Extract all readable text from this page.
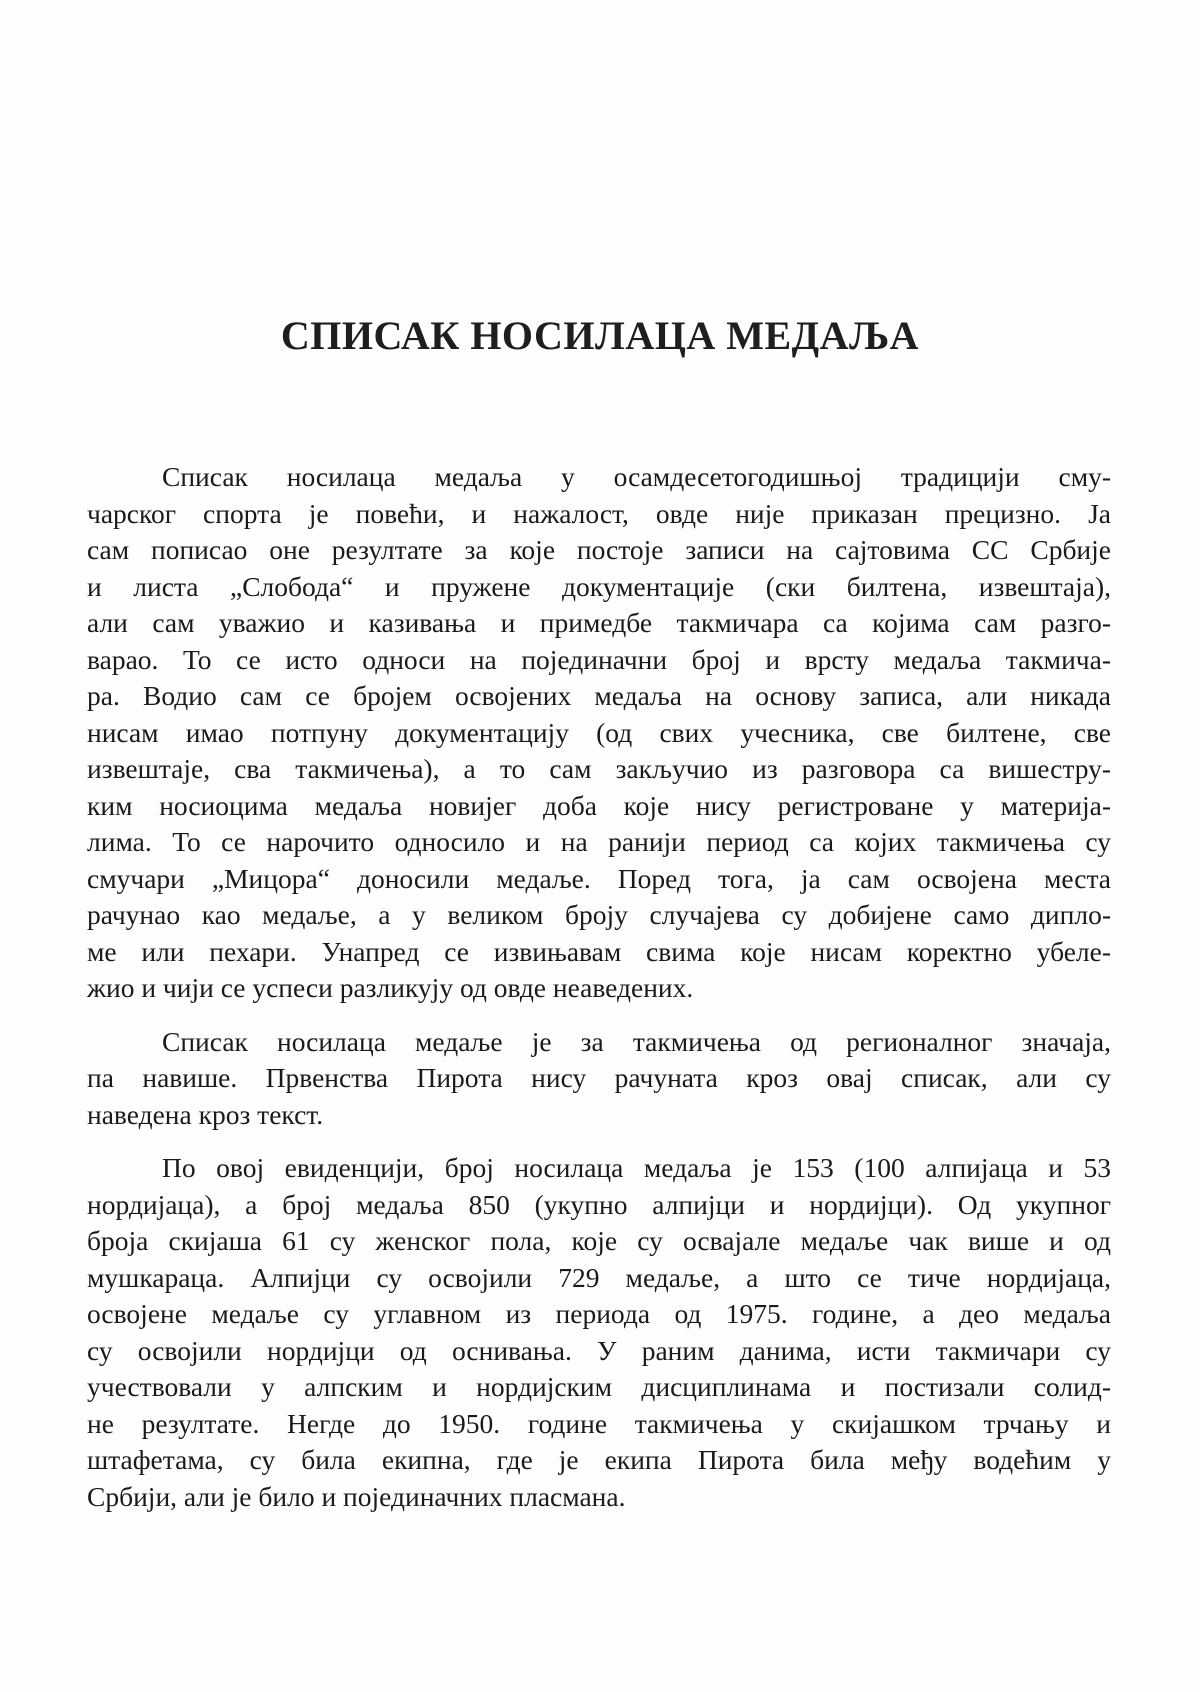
СПИСАК НОСИЛАЦА МЕДАЉА
Списак носилаца медаља у осамдесетогодишњој традицији сму-
чарског спорта је повећи, и нажалост, овде није приказан прецизно. Ја
сам пописао оне резултате за које постоје записи на сајтовима СС Србије
и листа „Слобода“ и пружене документације (ски билтена, извештаја),
али сам уважио и казивања и примедбе такмичара са којима сам разго-
варао. То се исто односи на појединачни број и врсту медаља такмича-
ра. Водио сам се бројем освојених медаља на основу записа, али никада
нисам имао потпуну документацију (од свих учесника, све билтене, све
извештаје, сва такмичења), а то сам закључио из разговора са вишестру-
ким носиоцима медаља новијег доба које нису регистроване у материја-
лима. То се нарочито односило и на ранији период са којих такмичења су
смучари „Мицора“ доносили медаље. Поред тога, ја сам освојена места
рачунао као медаље, а у великом броју случајева су добијене само дипло-
ме или пехари. Унапред се извињавам свима које нисам коректно убеле-
жио и чији се успеси разликују од овде неаведених.
Списак носилаца медаље је за такмичења од регионалног значаја,
па навише. Првенства Пирота нису рачуната кроз овај списак, али су
наведена кроз текст.
По овој евиденцији, број носилаца медаља је 153 (100 алпијаца и 53
нордијаца), а број медаља 850 (укупно алпијци и нордијци). Од укупног
броја скијаша 61 су женског пола, које су освајале медаље чак више и од
мушкараца. Алпијци су освојили 729 медаље, а што се тиче нордијаца,
освојене медаље су углавном из периода од 1975. године, а део медаља
су освојили нордијци од оснивања. У раним данима, исти такмичари су
учествовали у алпским и нордијским дисциплинама и постизали солид-
не резултате. Негде до 1950. године такмичења у скијашком трчању и
штафетама, су била екипна, где је екипа Пирота била међу водећим у
Србији, али је било и појединачних пласмана.
